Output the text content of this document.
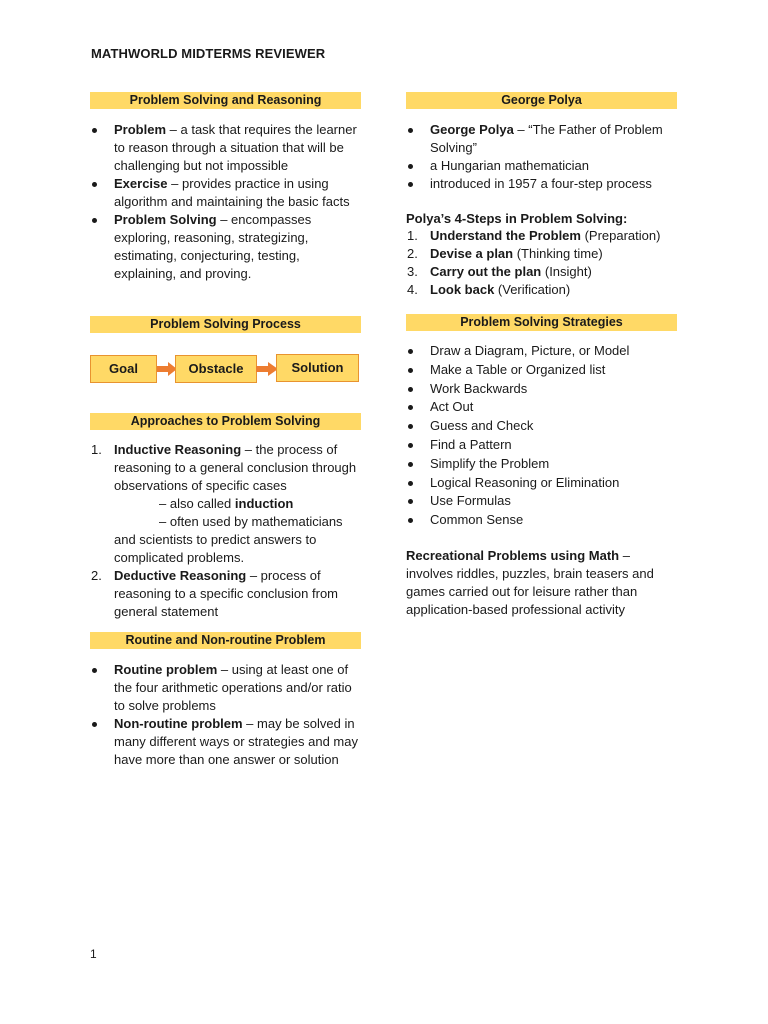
MATHWORLD MIDTERMS REVIEWER
Problem Solving and Reasoning
Problem – a task that requires the learner to reason through a situation that will be challenging but not impossible
Exercise – provides practice in using algorithm and maintaining the basic facts
Problem Solving – encompasses exploring, reasoning, strategizing, estimating, conjecturing, testing, explaining, and proving.
Problem Solving Process
Goal	Obstacle	Solution
Approaches to Problem Solving
1. Inductive Reasoning – the process of reasoning to a general conclusion through observations of specific cases
– also called induction
– often used by mathematicians and scientists to predict answers to complicated problems.
2. Deductive Reasoning – process of reasoning to a specific conclusion from general statement
Routine and Non-routine Problem
Routine problem – using at least one of the four arithmetic operations and/or ratio to solve problems
Non-routine problem – may be solved in many different ways or strategies and may have more than one answer or solution
George Polya
George Polya – “The Father of Problem Solving”
a Hungarian mathematician
introduced in 1957 a four-step process
Polya’s 4-Steps in Problem Solving:
1. Understand the Problem (Preparation)
2. Devise a plan (Thinking time)
3. Carry out the plan (Insight)
4. Look back (Verification)
Problem Solving Strategies
Draw a Diagram, Picture, or Model
Make a Table or Organized list
Work Backwards
Act Out
Guess and Check
Find a Pattern
Simplify the Problem
Logical Reasoning or Elimination
Use Formulas
Common Sense
Recreational Problems using Math –
involves riddles, puzzles, brain teasers and games carried out for leisure rather than application-based professional activity
1
